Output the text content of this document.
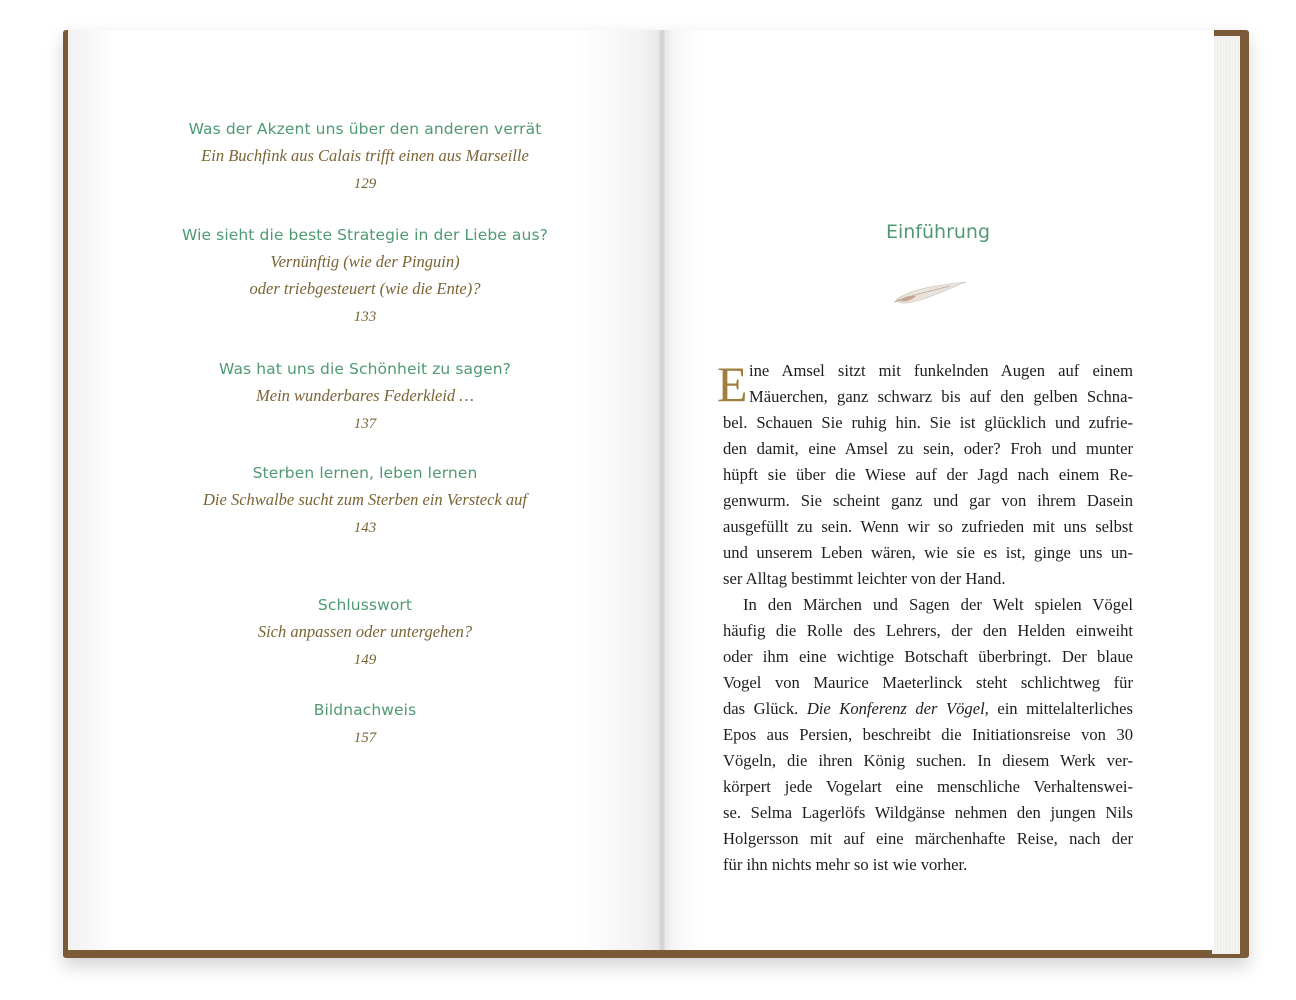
Was der Akzent uns über den anderen verrät
Ein Buchfink aus Calais trifft einen aus Marseille
129
Wie sieht die beste Strategie in der Liebe aus?
Vernünftig (wie der Pinguin)
oder triebgesteuert (wie die Ente)?
133
Was hat uns die Schönheit zu sagen?
Mein wunderbares Federkleid …
137
Sterben lernen, leben lernen
Die Schwalbe sucht zum Sterben ein Versteck auf
143
Schlusswort
Sich anpassen oder untergehen?
149
Bildnachweis
157
Einführung
E ine Amsel sitzt mit funkelnden Augen auf einem
Mäuerchen, ganz schwarz bis auf den gelben Schna-
bel. Schauen Sie ruhig hin. Sie ist glücklich und zufrie-
den damit, eine Amsel zu sein, oder? Froh und munter
hüpft sie über die Wiese auf der Jagd nach einem Re-
genwurm. Sie scheint ganz und gar von ihrem Dasein
ausgefüllt zu sein. Wenn wir so zufrieden mit uns selbst
und unserem Leben wären, wie sie es ist, ginge uns un-
ser Alltag bestimmt leichter von der Hand.
In den Märchen und Sagen der Welt spielen Vögel
häufig die Rolle des Lehrers, der den Helden einweiht
oder ihm eine wichtige Botschaft überbringt. Der blaue
Vogel von Maurice Maeterlinck steht schlichtweg für
das Glück. Die Konferenz der Vögel, ein mittelalterliches
Epos aus Persien, beschreibt die Initiationsreise von 30
Vögeln, die ihren König suchen. In diesem Werk ver-
körpert jede Vogelart eine menschliche Verhaltenswei-
se. Selma Lagerlöfs Wildgänse nehmen den jungen Nils
Holgersson mit auf eine märchenhafte Reise, nach der
für ihn nichts mehr so ist wie vorher.
